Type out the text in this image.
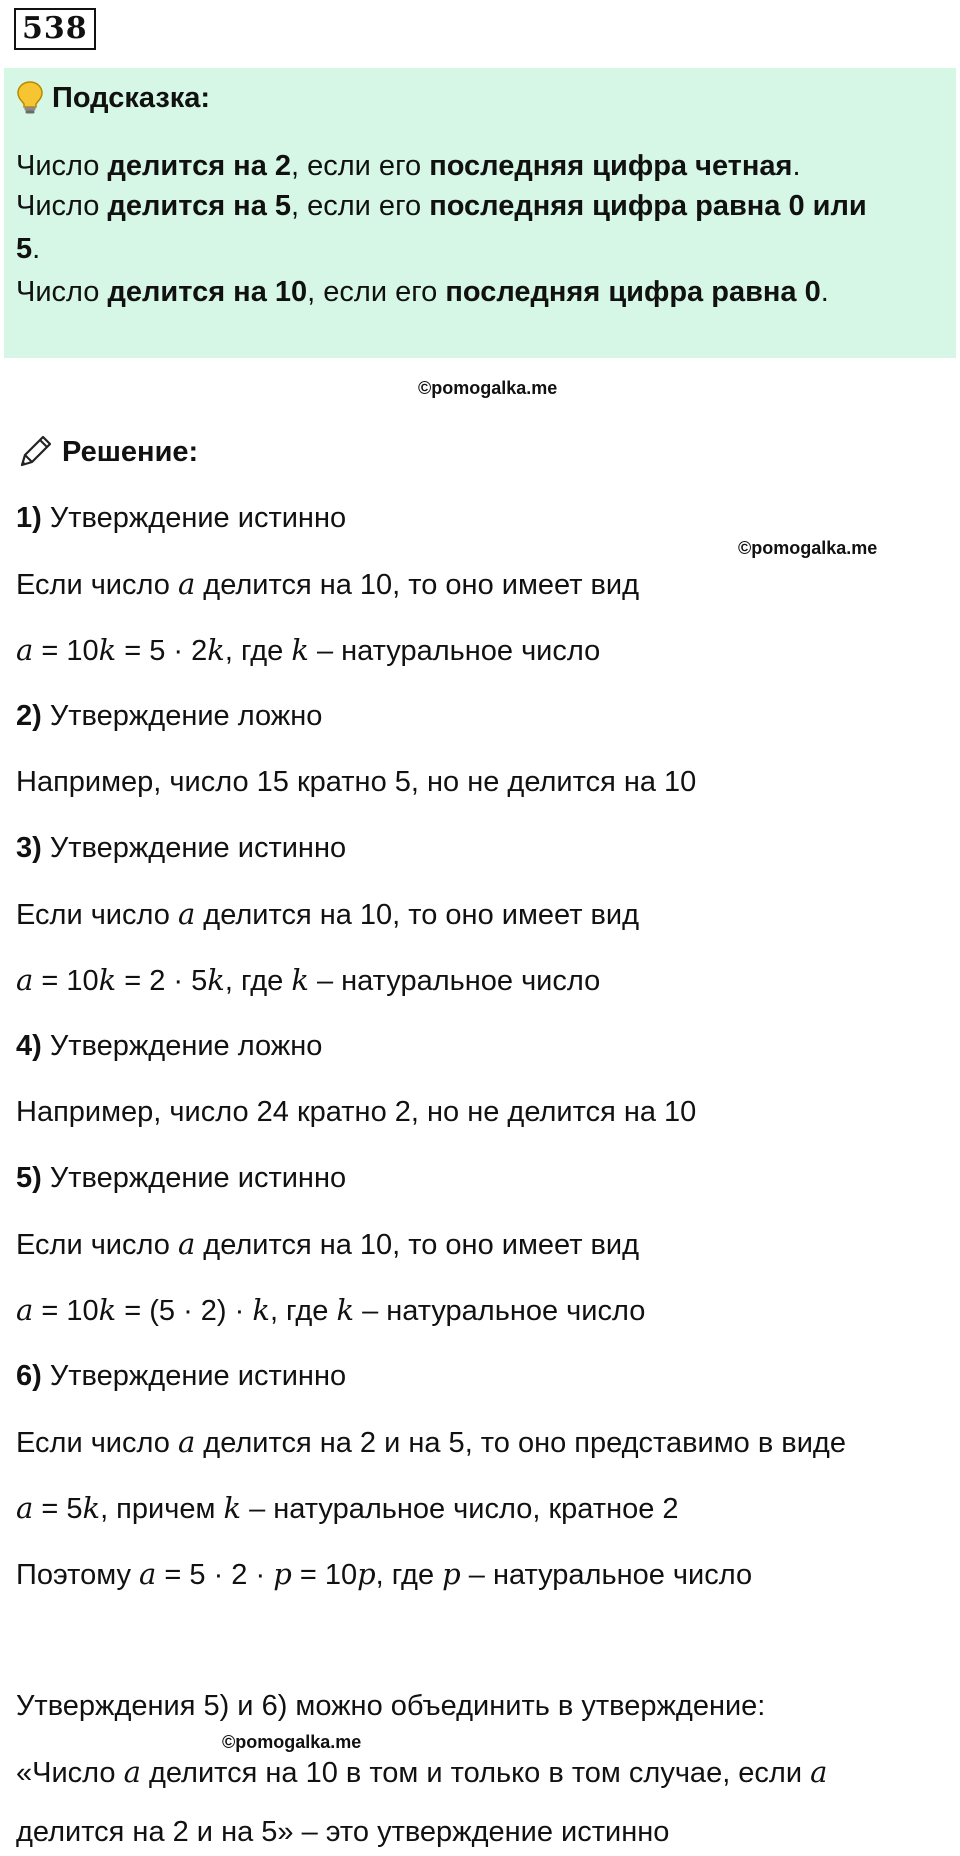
538
Подсказка:
Число делится на 2, если его последняя цифра четная.
Число делится на 5, если его последняя цифра равна 0 или
5.
Число делится на 10, если его последняя цифра равна 0.
©pomogalka.me
Решение:
1) Утверждение истинно
©pomogalka.me
Если число a делится на 10, то оно имеет вид
a = 10k = 5 · 2k, где k – натуральное число
2) Утверждение ложно
Например, число 15 кратно 5, но не делится на 10
3) Утверждение истинно
Если число a делится на 10, то оно имеет вид
a = 10k = 2 · 5k, где k – натуральное число
4) Утверждение ложно
Например, число 24 кратно 2, но не делится на 10
5) Утверждение истинно
Если число a делится на 10, то оно имеет вид
a = 10k = (5 · 2) · k, где k – натуральное число
6) Утверждение истинно
Если число a делится на 2 и на 5, то оно представимо в виде
a = 5k, причем k – натуральное число, кратное 2
Поэтому a = 5 · 2 · p = 10p, где p – натуральное число
Утверждения 5) и 6) можно объединить в утверждение:
©pomogalka.me
«Число a делится на 10 в том и только в том случае, если a
делится на 2 и на 5» – это утверждение истинно
